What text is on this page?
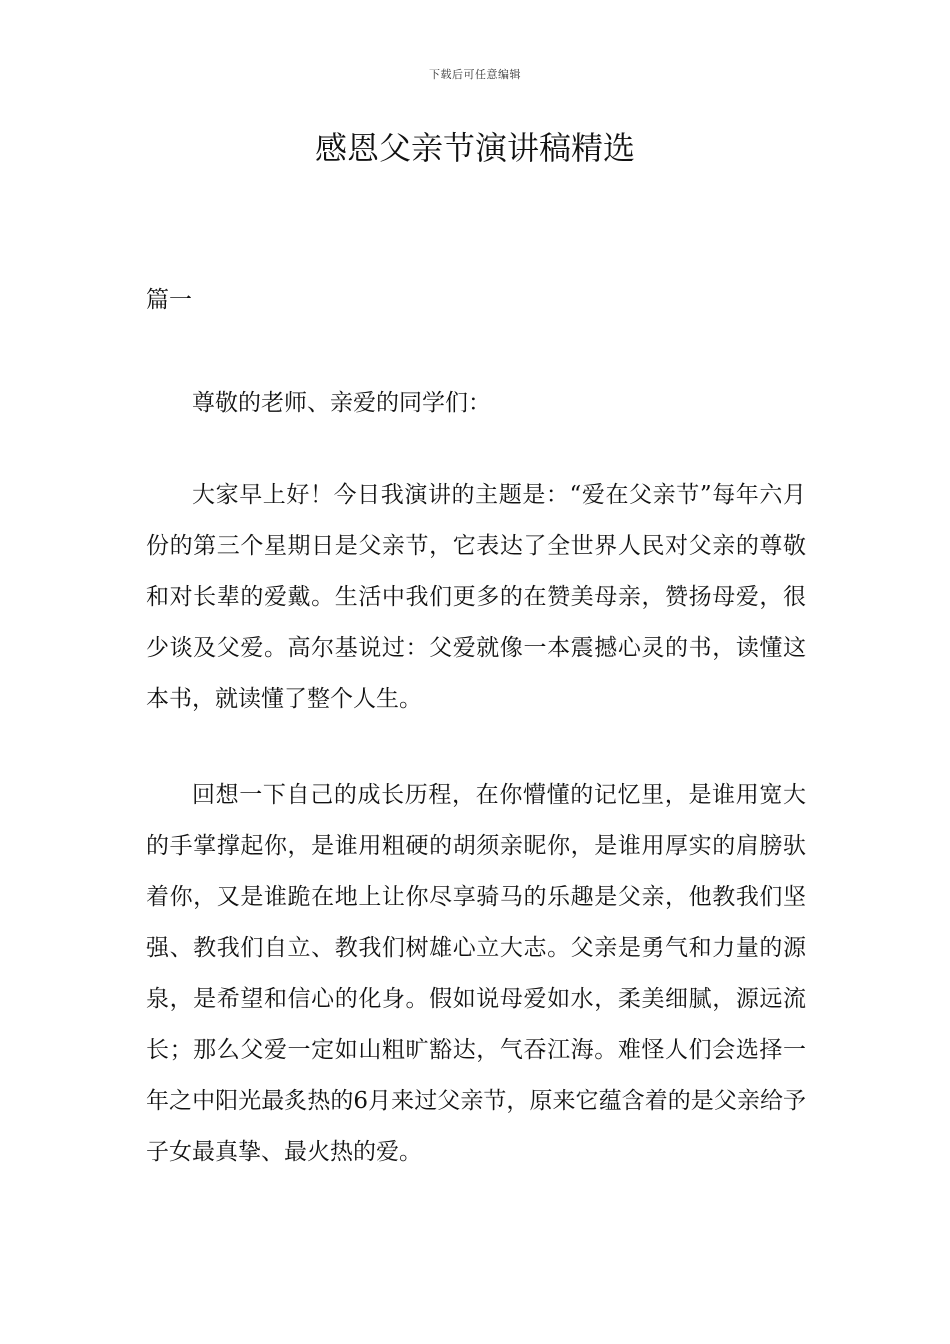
下载后可任意编辑
感恩父亲节演讲稿精选
篇一

尊敬的老师、亲爱的同学们：

大家早上好！今日我演讲的主题是：“爱在父亲节”每年六月份的第三个星期日是父亲节，它表达了全世界人民对父亲的尊敬和对长辈的爱戴。生活中我们更多的在赞美母亲，赞扬母爱，很少谈及父爱。高尔基说过：父爱就像一本震撼心灵的书，读懂这本书，就读懂了整个人生。

回想一下自己的成长历程，在你懵懂的记忆里，是谁用宽大的手掌撑起你，是谁用粗硬的胡须亲昵你，是谁用厚实的肩膀驮着你，又是谁跪在地上让你尽享骑马的乐趣是父亲，他教我们坚强、教我们自立、教我们树雄心立大志。父亲是勇气和力量的源泉，是希望和信心的化身。假如说母爱如水，柔美细腻，源远流长；那么父爱一定如山粗旷豁达，气吞江海。难怪人们会选择一年之中阳光最炙热的6月来过父亲节，原来它蕴含着的是父亲给予子女最真挚、最火热的爱。
